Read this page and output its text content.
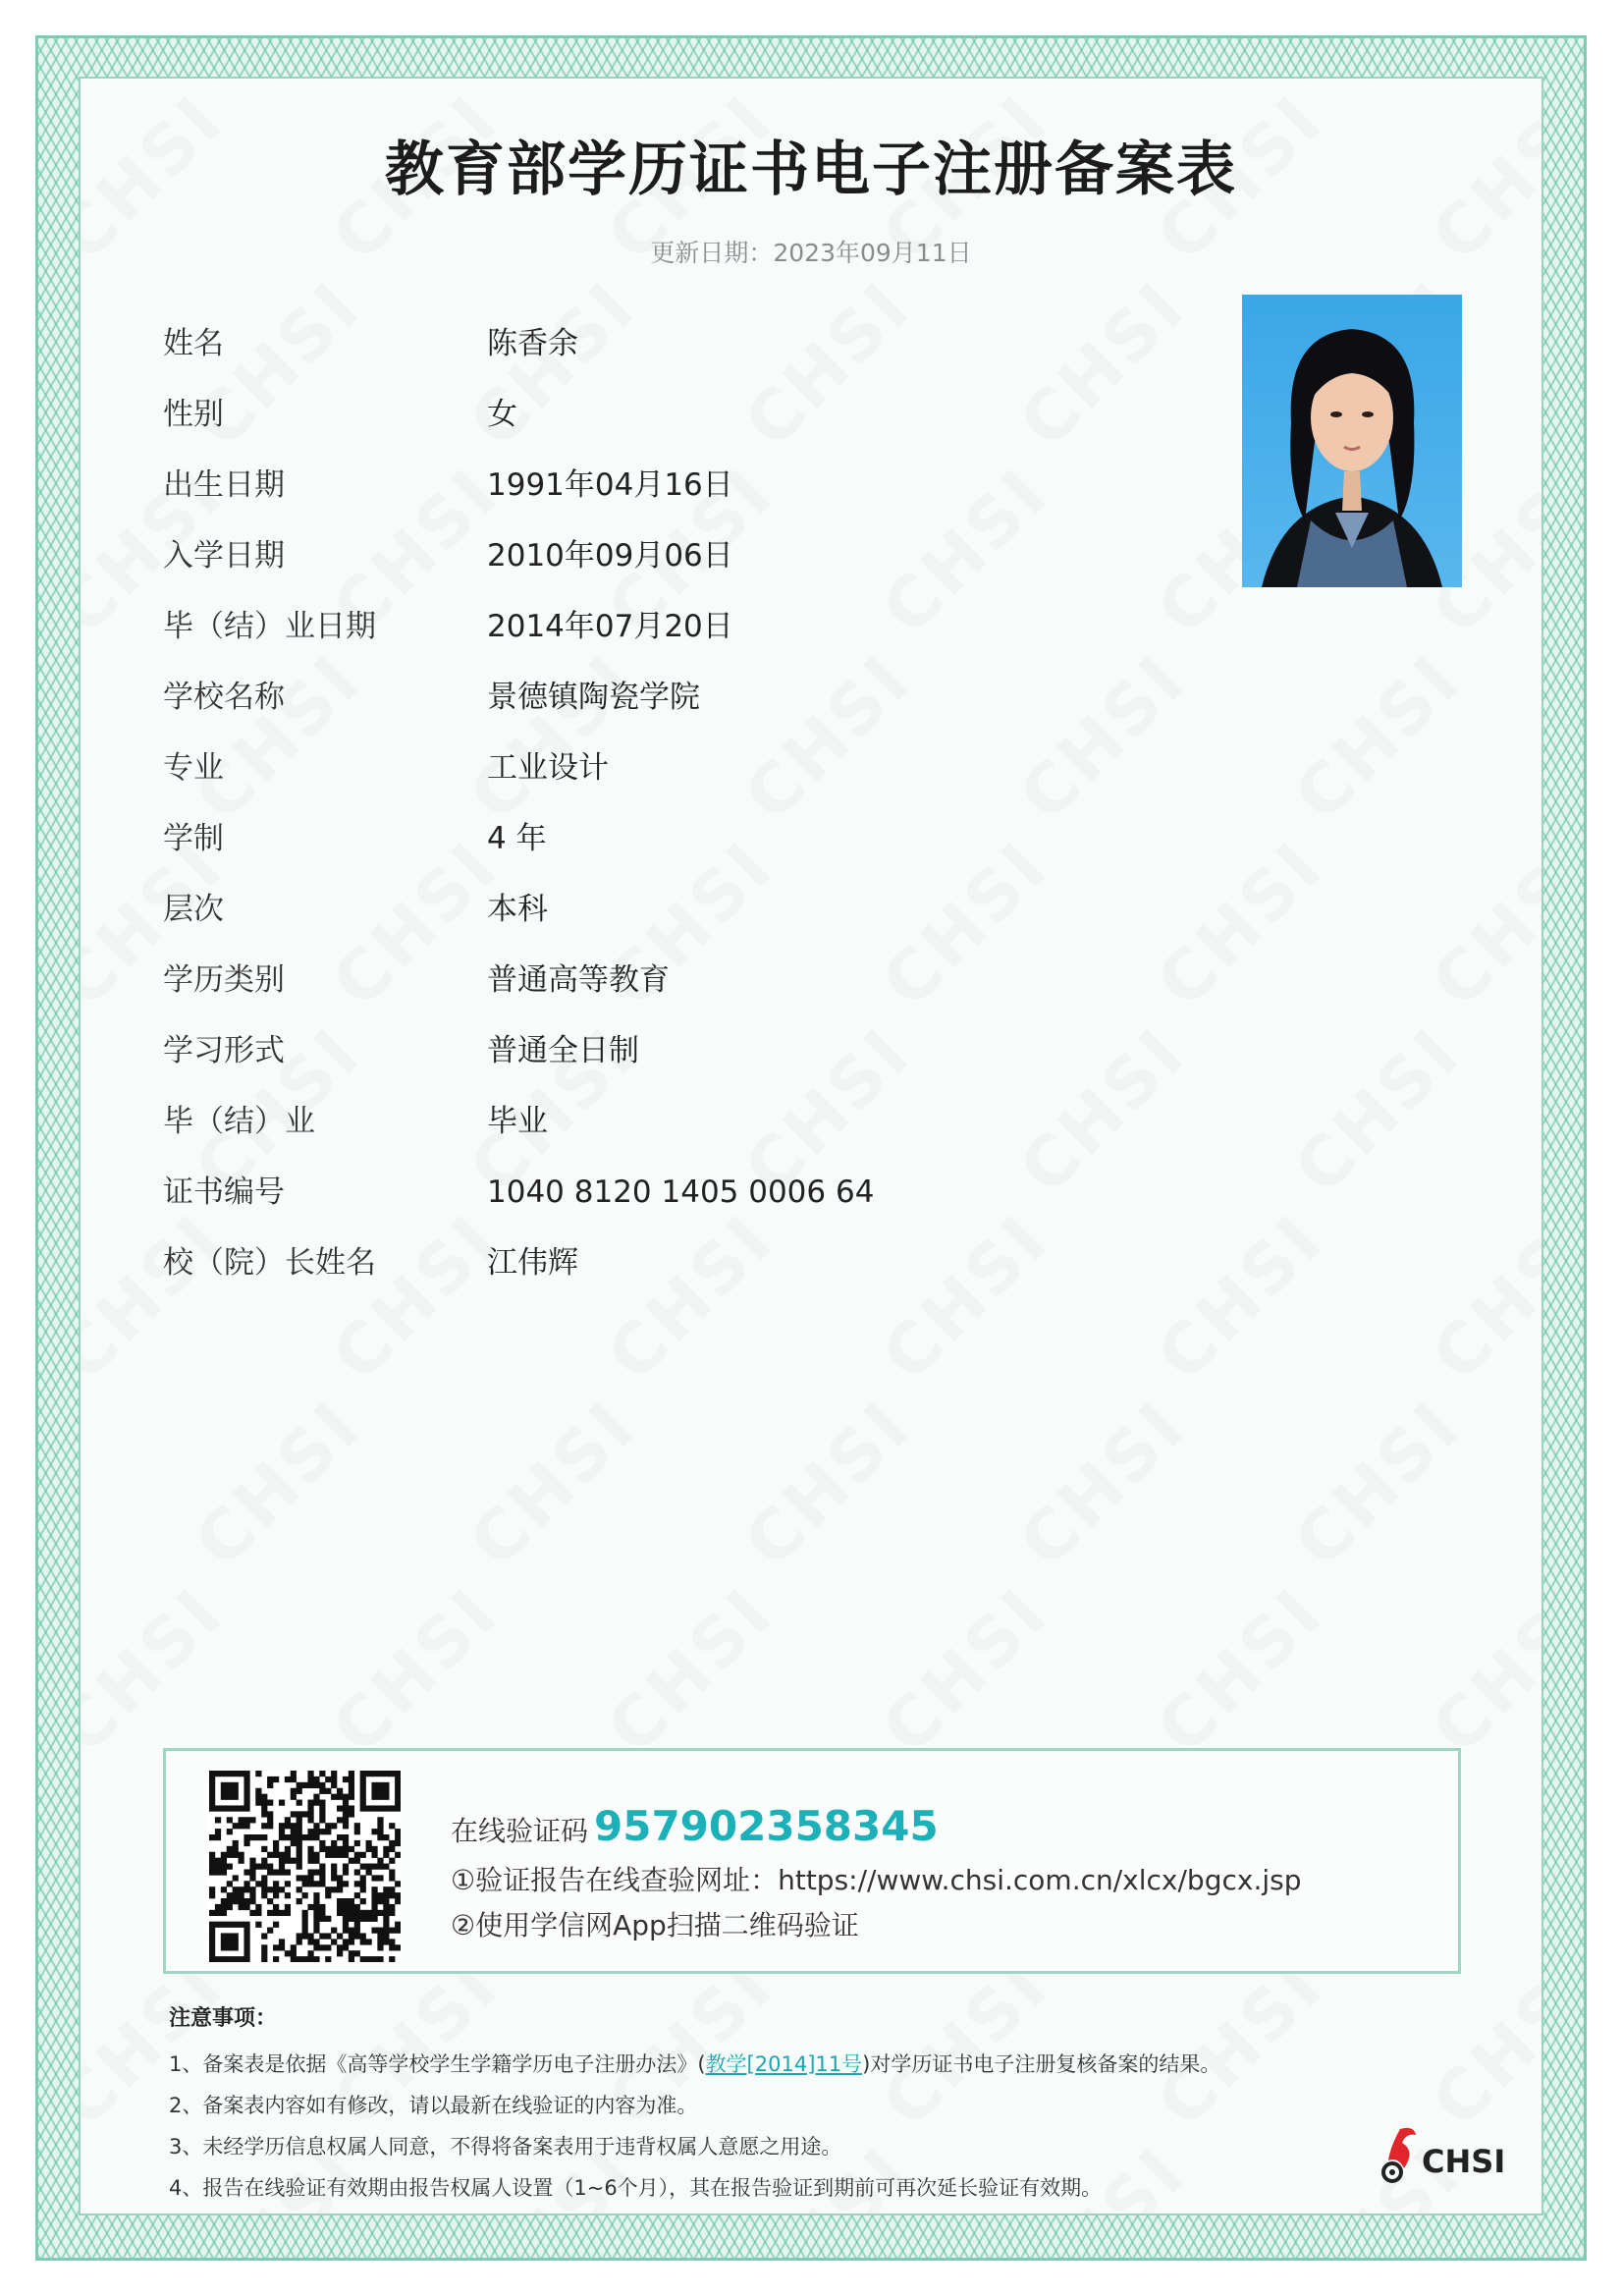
教育部学历证书电子注册备案表
更新日期：2023年09月11日
姓名	陈香余
性别	女
出生日期	1991年04月16日
入学日期	2010年09月06日
毕（结）业日期	2014年07月20日
学校名称	景德镇陶瓷学院
专业	工业设计
学制	4 年
层次	本科
学历类别	普通高等教育
学习形式	普通全日制
毕（结）业	毕业
证书编号	1040 8120 1405 0006 64
校（院）长姓名	江伟辉
在线验证码 957902358345
①验证报告在线查验网址：https://www.chsi.com.cn/xlcx/bgcx.jsp
②使用学信网App扫描二维码验证
注意事项：
1、备案表是依据《高等学校学生学籍学历电子注册办法》(教学[2014]11号)对学历证书电子注册复核备案的结果。
2、备案表内容如有修改，请以最新在线验证的内容为准。
3、未经学历信息权属人同意，不得将备案表用于违背权属人意愿之用途。
4、报告在线验证有效期由报告权属人设置（1~6个月），其在报告验证到期前可再次延长验证有效期。
CHSI
